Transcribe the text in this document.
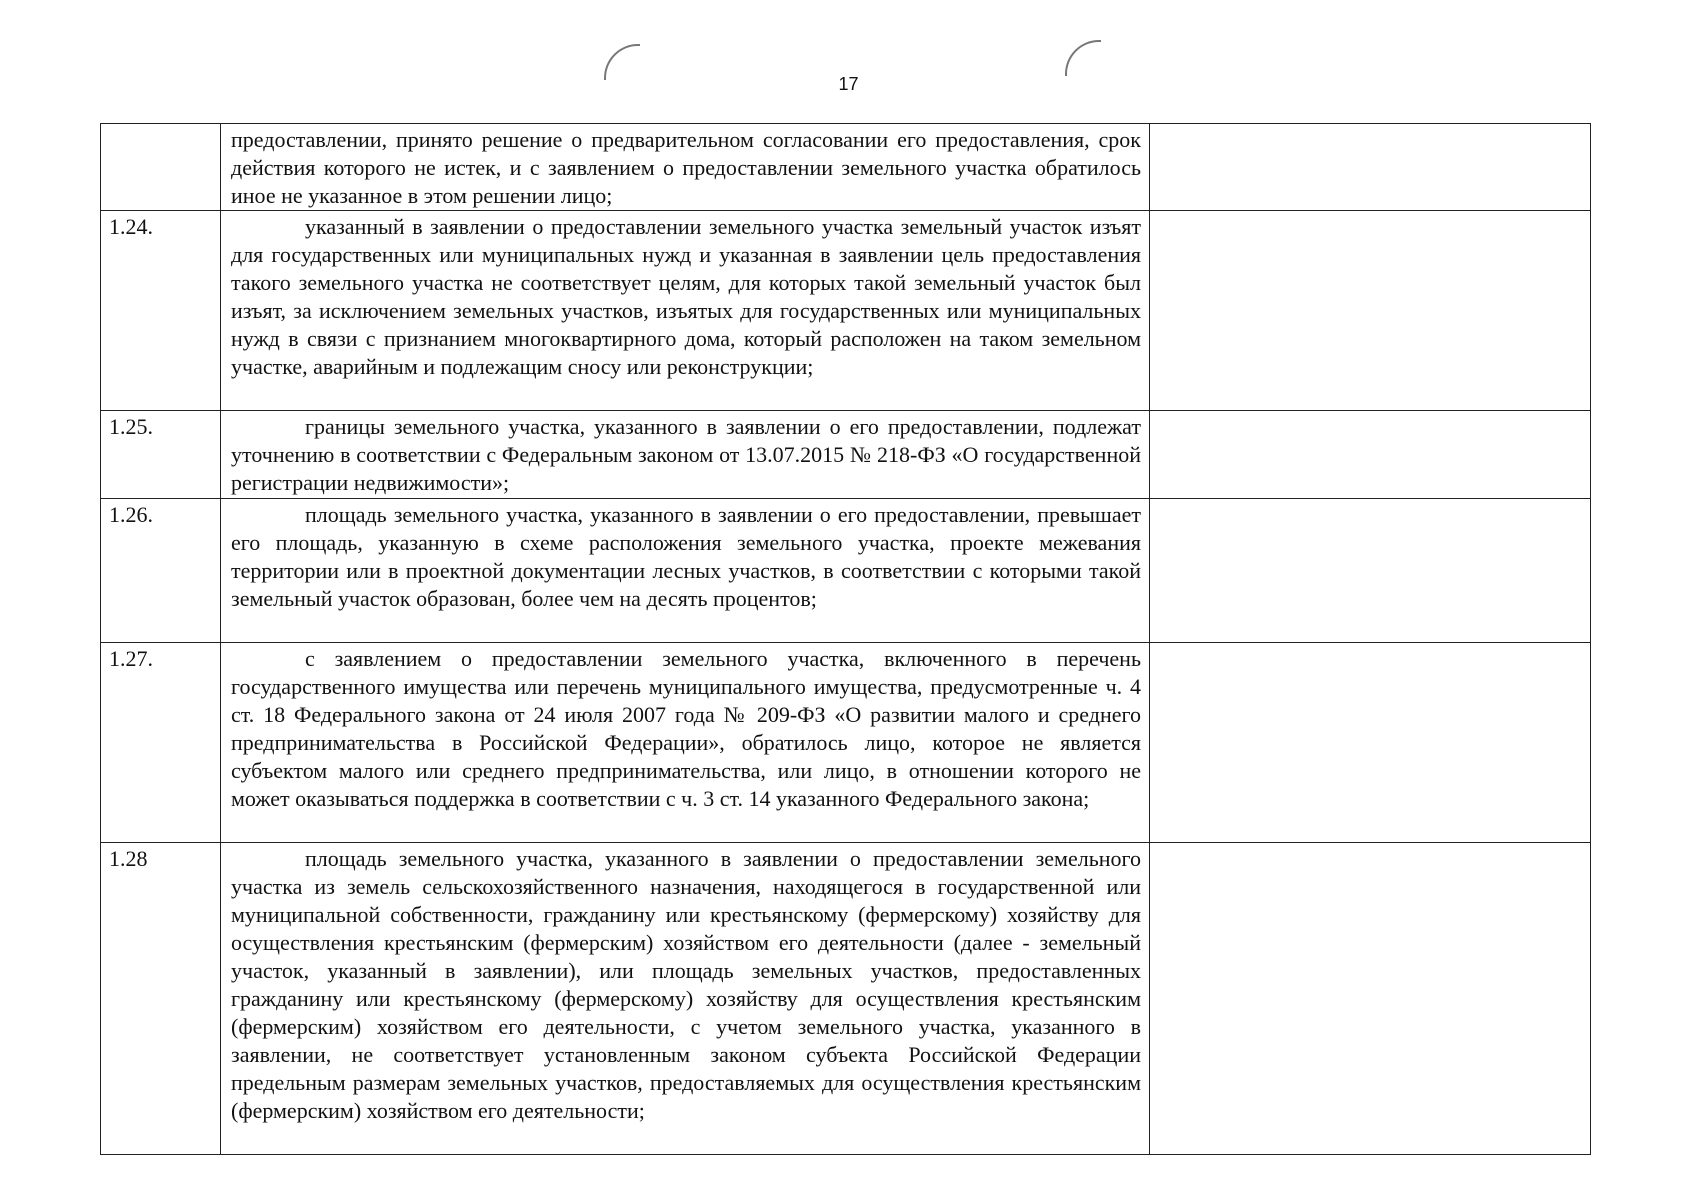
17
	предоставлении, принято решение о предварительном согласовании его предоставления, срок действия которого не истек, и с заявлением о предоставлении земельного участка обратилось иное не указанное в этом решении лицо;	
1.24.	указанный в заявлении о предоставлении земельного участка земельный участок изъят для государственных или муниципальных нужд и указанная в заявлении цель предоставления такого земельного участка не соответствует целям, для которых такой земельный участок был изъят, за исключением земельных участков, изъятых для государственных или муниципальных нужд в связи с признанием многоквартирного дома, который расположен на таком земельном участке, аварийным и подлежащим сносу или реконструкции;	
1.25.	границы земельного участка, указанного в заявлении о его предоставлении, подлежат уточнению в соответствии с Федеральным законом от 13.07.2015 № 218-ФЗ «О государственной регистрации недвижимости»;	
1.26.	площадь земельного участка, указанного в заявлении о его предоставлении, превышает его площадь, указанную в схеме расположения земельного участка, проекте межевания территории или в проектной документации лесных участков, в соответствии с которыми такой земельный участок образован, более чем на десять процентов;	
1.27.	с заявлением о предоставлении земельного участка, включенного в перечень государственного имущества или перечень муниципального имущества, предусмотренные ч. 4 ст. 18 Федерального закона от 24 июля 2007 года № 209-ФЗ «О развитии малого и среднего предпринимательства в Российской Федерации», обратилось лицо, которое не является субъектом малого или среднего предпринимательства, или лицо, в отношении которого не может оказываться поддержка в соответствии с ч. 3 ст. 14 указанного Федерального закона;	
1.28	площадь земельного участка, указанного в заявлении о предоставлении земельного участка из земель сельскохозяйственного назначения, находящегося в государственной или муниципальной собственности, гражданину или крестьянскому (фермерскому) хозяйству для осуществления крестьянским (фермерским) хозяйством его деятельности (далее - земельный участок, указанный в заявлении), или площадь земельных участков, предоставленных гражданину или крестьянскому (фермерскому) хозяйству для осуществления крестьянским (фермерским) хозяйством его деятельности, с учетом земельного участка, указанного в заявлении, не соответствует установленным законом субъекта Российской Федерации предельным размерам земельных участков, предоставляемых для осуществления крестьянским (фермерским) хозяйством его деятельности;	
